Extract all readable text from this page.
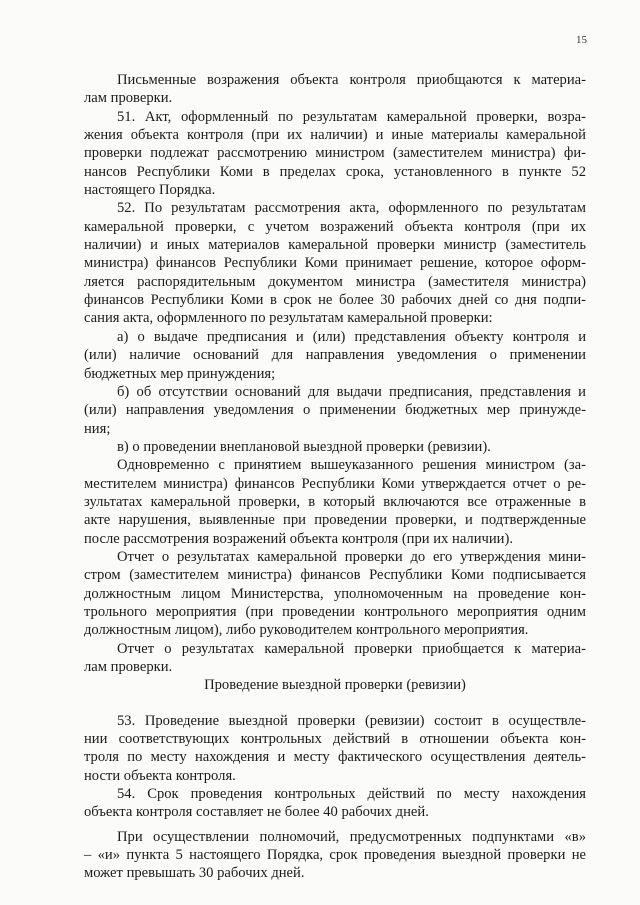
15
Письменные возражения объекта контроля приобщаются к материа-
лам проверки.
51. Акт, оформленный по результатам камеральной проверки, возра-
жения объекта контроля (при их наличии) и иные материалы камеральной
проверки подлежат рассмотрению министром (заместителем министра) фи-
нансов Республики Коми в пределах срока, установленного в пункте 52
настоящего Порядка.
52. По результатам рассмотрения акта, оформленного по результатам
камеральной проверки, с учетом возражений объекта контроля (при их
наличии) и иных материалов камеральной проверки министр (заместитель
министра) финансов Республики Коми принимает решение, которое оформ-
ляется распорядительным документом министра (заместителя министра)
финансов Республики Коми в срок не более 30 рабочих дней со дня подпи-
сания акта, оформленного по результатам камеральной проверки:
а) о выдаче предписания и (или) представления объекту контроля и
(или) наличие оснований для направления уведомления о применении
бюджетных мер принуждения;
б) об отсутствии оснований для выдачи предписания, представления и
(или) направления уведомления о применении бюджетных мер принужде-
ния;
в) о проведении внеплановой выездной проверки (ревизии).
Одновременно с принятием вышеуказанного решения министром (за-
местителем министра) финансов Республики Коми утверждается отчет о ре-
зультатах камеральной проверки, в который включаются все отраженные в
акте нарушения, выявленные при проведении проверки, и подтвержденные
после рассмотрения возражений объекта контроля (при их наличии).
Отчет о результатах камеральной проверки до его утверждения мини-
стром (заместителем министра) финансов Республики Коми подписывается
должностным лицом Министерства, уполномоченным на проведение кон-
трольного мероприятия (при проведении контрольного мероприятия одним
должностным лицом), либо руководителем контрольного мероприятия.
Отчет о результатах камеральной проверки приобщается к материа-
лам проверки.
Проведение выездной проверки (ревизии)
53. Проведение выездной проверки (ревизии) состоит в осуществле-
нии соответствующих контрольных действий в отношении объекта кон-
троля по месту нахождения и месту фактического осуществления деятель-
ности объекта контроля.
54. Срок проведения контрольных действий по месту нахождения
объекта контроля составляет не более 40 рабочих дней.
При осуществлении полномочий, предусмотренных подпунктами «в»
– «и» пункта 5 настоящего Порядка, срок проведения выездной проверки не
может превышать 30 рабочих дней.
